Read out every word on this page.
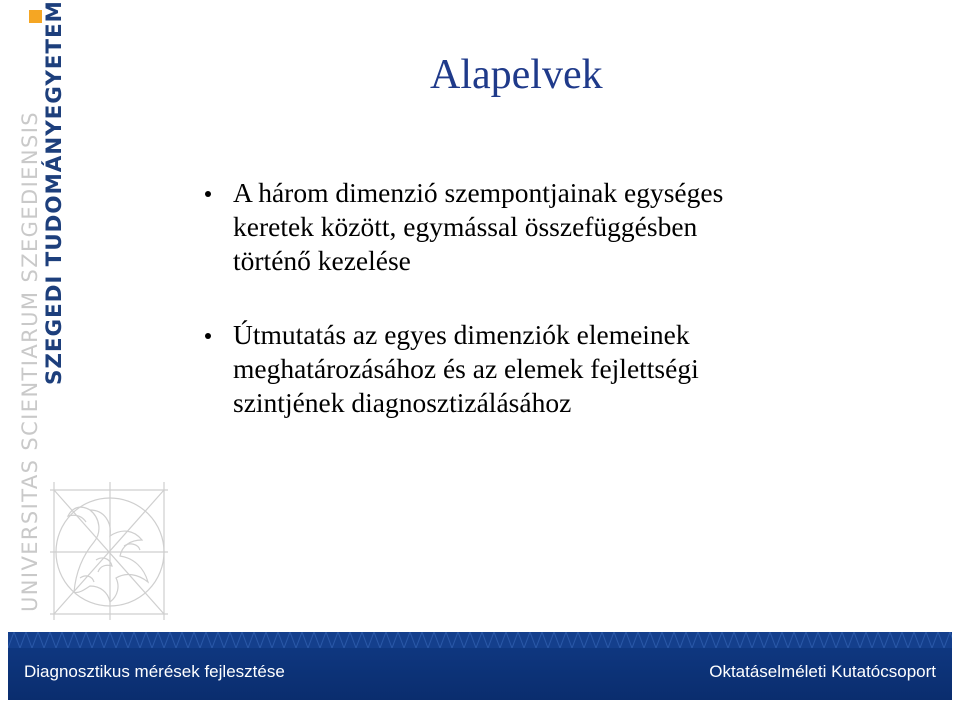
SZEGEDI TUDOMÁNYEGYETEM
UNIVERSITAS SCIENTIARUM SZEGEDIENSIS
Alapelvek
A három dimenzió szempontjainak egységes
keretek között, egymással összefüggésben
történő kezelése
Útmutatás az egyes dimenziók elemeinek
meghatározásához és az elemek fejlettségi
szintjének diagnosztizálásához
Diagnosztikus mérések fejlesztése	Oktatáselméleti Kutatócsoport
